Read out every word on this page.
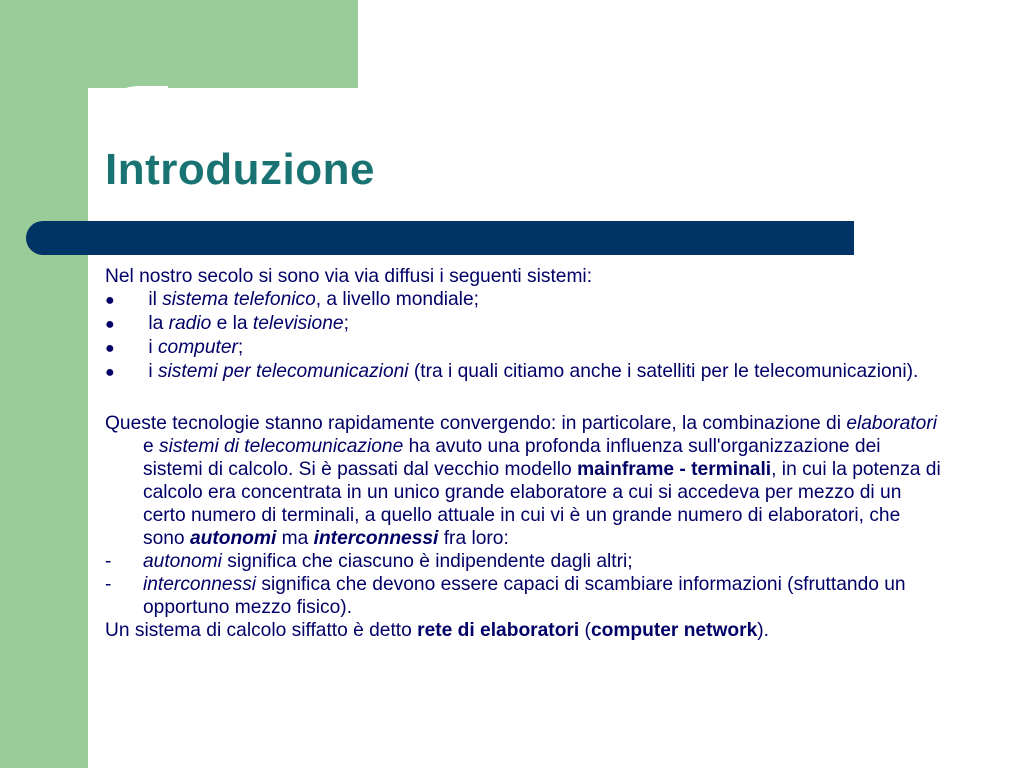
Introduzione

Nel nostro secolo si sono via via diffusi i seguenti sistemi:

● il sistema telefonico, a livello mondiale;

● la radio e la televisione;

● i computer;

● i sistemi per telecomunicazioni (tra i quali citiamo anche i satelliti per le telecomunicazioni).

Queste tecnologie stanno rapidamente convergendo: in particolare, la combinazione di elaboratori e sistemi di telecomunicazione ha avuto una profonda influenza sull'organizzazione dei sistemi di calcolo. Si è passati dal vecchio modello mainframe - terminali, in cui la potenza di calcolo era concentrata in un unico grande elaboratore a cui si accedeva per mezzo di un certo numero di terminali, a quello attuale in cui vi è un grande numero di elaboratori, che sono autonomi ma interconnessi fra loro:

- autonomi significa che ciascuno è indipendente dagli altri;

- interconnessi significa che devono essere capaci di scambiare informazioni (sfruttando un opportuno mezzo fisico).

Un sistema di calcolo siffatto è detto rete di elaboratori (computer network).
